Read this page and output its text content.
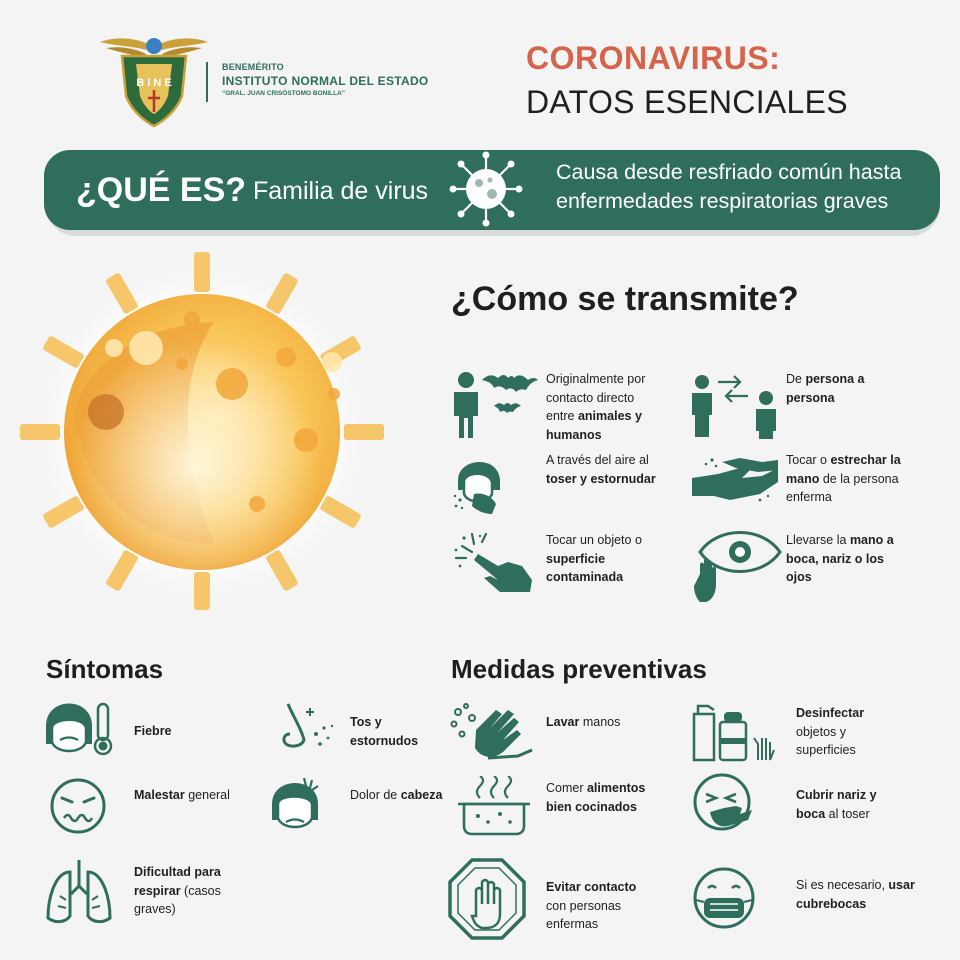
B I N E
BENEMÉRITO
INSTITUTO NORMAL DEL ESTADO
“GRAL. JUAN CRISÓSTOMO BONILLA”
CORONAVIRUS:
DATOS ESENCIALES
¿QUÉ ES? Familia de virus
Causa desde resfriado común hasta
enfermedades respiratorias graves
¿Cómo se transmite?
Originalmente por contacto directo entre animales y humanos
De persona a persona
A través del aire al toser y estornudar
Tocar o estrechar la mano de la persona enferma
Tocar un objeto o superficie contaminada
Llevarse la mano a boca, nariz o los ojos
Síntomas
Fiebre
Tos y estornudos
Malestar general	Dolor de cabeza
Dificultad para respirar (casos graves)
Medidas preventivas
Lavar manos
Desinfectar objetos y superficies
Comer alimentos bien cocinados
Cubrir nariz y boca al toser
Evitar contacto con personas enfermas
Si es necesario, usar cubrebocas
